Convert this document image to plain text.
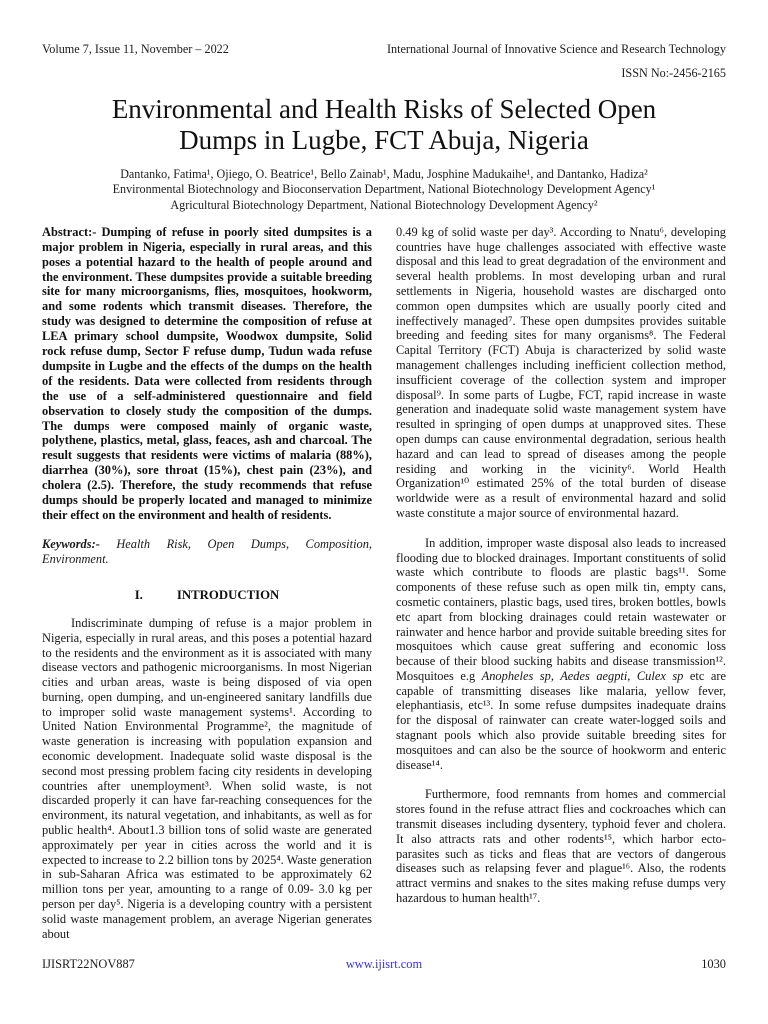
Volume 7, Issue 11, November – 2022	International Journal of Innovative Science and Research Technology
ISSN No:-2456-2165
Environmental and Health Risks of Selected Open Dumps in Lugbe, FCT Abuja, Nigeria
Dantanko, Fatima¹, Ojiego, O. Beatrice¹, Bello Zainab¹, Madu, Josphine Madukaihe¹, and Dantanko, Hadiza²
Environmental Biotechnology and Bioconservation Department, National Biotechnology Development Agency¹
Agricultural Biotechnology Department, National Biotechnology Development Agency²

Abstract:- Dumping of refuse in poorly sited dumpsites is a major problem in Nigeria, especially in rural areas, and this poses a potential hazard to the health of people around and the environment. These dumpsites provide a suitable breeding site for many microorganisms, flies, mosquitoes, hookworm, and some rodents which transmit diseases. Therefore, the study was designed to determine the composition of refuse at LEA primary school dumpsite, Woodwox dumpsite, Solid rock refuse dump, Sector F refuse dump, Tudun wada refuse dumpsite in Lugbe and the effects of the dumps on the health of the residents. Data were collected from residents through the use of a self-administered questionnaire and field observation to closely study the composition of the dumps. The dumps were composed mainly of organic waste, polythene, plastics, metal, glass, feaces, ash and charcoal. The result suggests that residents were victims of malaria (88%), diarrhea (30%), sore throat (15%), chest pain (23%), and cholera (2.5). Therefore, the study recommends that refuse dumps should be properly located and managed to minimize their effect on the environment and health of residents.

Keywords:- Health Risk, Open Dumps, Composition, Environment.

I.	INTRODUCTION

Indiscriminate dumping of refuse is a major problem in Nigeria, especially in rural areas, and this poses a potential hazard to the residents and the environment as it is associated with many disease vectors and pathogenic microorganisms. In most Nigerian cities and urban areas, waste is being disposed of via open burning, open dumping, and un-engineered sanitary landfills due to improper solid waste management systems¹. According to United Nation Environmental Programme², the magnitude of waste generation is increasing with population expansion and economic development. Inadequate solid waste disposal is the second most pressing problem facing city residents in developing countries after unemployment³. When solid waste, is not discarded properly it can have far-reaching consequences for the environment, its natural vegetation, and inhabitants, as well as for public health⁴. About1.3 billion tons of solid waste are generated approximately per year in cities across the world and it is expected to increase to 2.2 billion tons by 2025⁴. Waste generation in sub-Saharan Africa was estimated to be approximately 62 million tons per year, amounting to a range of 0.09- 3.0 kg per person per day⁵. Nigeria is a developing country with a persistent solid waste management problem, an average Nigerian generates about

0.49 kg of solid waste per day³. According to Nnatu⁶, developing countries have huge challenges associated with effective waste disposal and this lead to great degradation of the environment and several health problems. In most developing urban and rural settlements in Nigeria, household wastes are discharged onto common open dumpsites which are usually poorly cited and ineffectively managed⁷. These open dumpsites provides suitable breeding and feeding sites for many organisms⁸. The Federal Capital Territory (FCT) Abuja is characterized by solid waste management challenges including inefficient collection method, insufficient coverage of the collection system and improper disposal⁹. In some parts of Lugbe, FCT, rapid increase in waste generation and inadequate solid waste management system have resulted in springing of open dumps at unapproved sites. These open dumps can cause environmental degradation, serious health hazard and can lead to spread of diseases among the people residing and working in the vicinity⁶. World Health Organization¹⁰ estimated 25% of the total burden of disease worldwide were as a result of environmental hazard and solid waste constitute a major source of environmental hazard.

In addition, improper waste disposal also leads to increased flooding due to blocked drainages. Important constituents of solid waste which contribute to floods are plastic bags¹¹. Some components of these refuse such as open milk tin, empty cans, cosmetic containers, plastic bags, used tires, broken bottles, bowls etc apart from blocking drainages could retain wastewater or rainwater and hence harbor and provide suitable breeding sites for mosquitoes which cause great suffering and economic loss because of their blood sucking habits and disease transmission¹². Mosquitoes e.g Anopheles sp, Aedes aegpti, Culex sp etc are capable of transmitting diseases like malaria, yellow fever, elephantiasis, etc¹³. In some refuse dumpsites inadequate drains for the disposal of rainwater can create water-logged soils and stagnant pools which also provide suitable breeding sites for mosquitoes and can also be the source of hookworm and enteric disease¹⁴.

Furthermore, food remnants from homes and commercial stores found in the refuse attract flies and cockroaches which can transmit diseases including dysentery, typhoid fever and cholera. It also attracts rats and other rodents¹⁵, which harbor ecto-parasites such as ticks and fleas that are vectors of dangerous diseases such as relapsing fever and plague¹⁶. Also, the rodents attract vermins and snakes to the sites making refuse dumps very hazardous to human health¹⁷.

IJISRT22NOV887	www.ijisrt.com	1030
